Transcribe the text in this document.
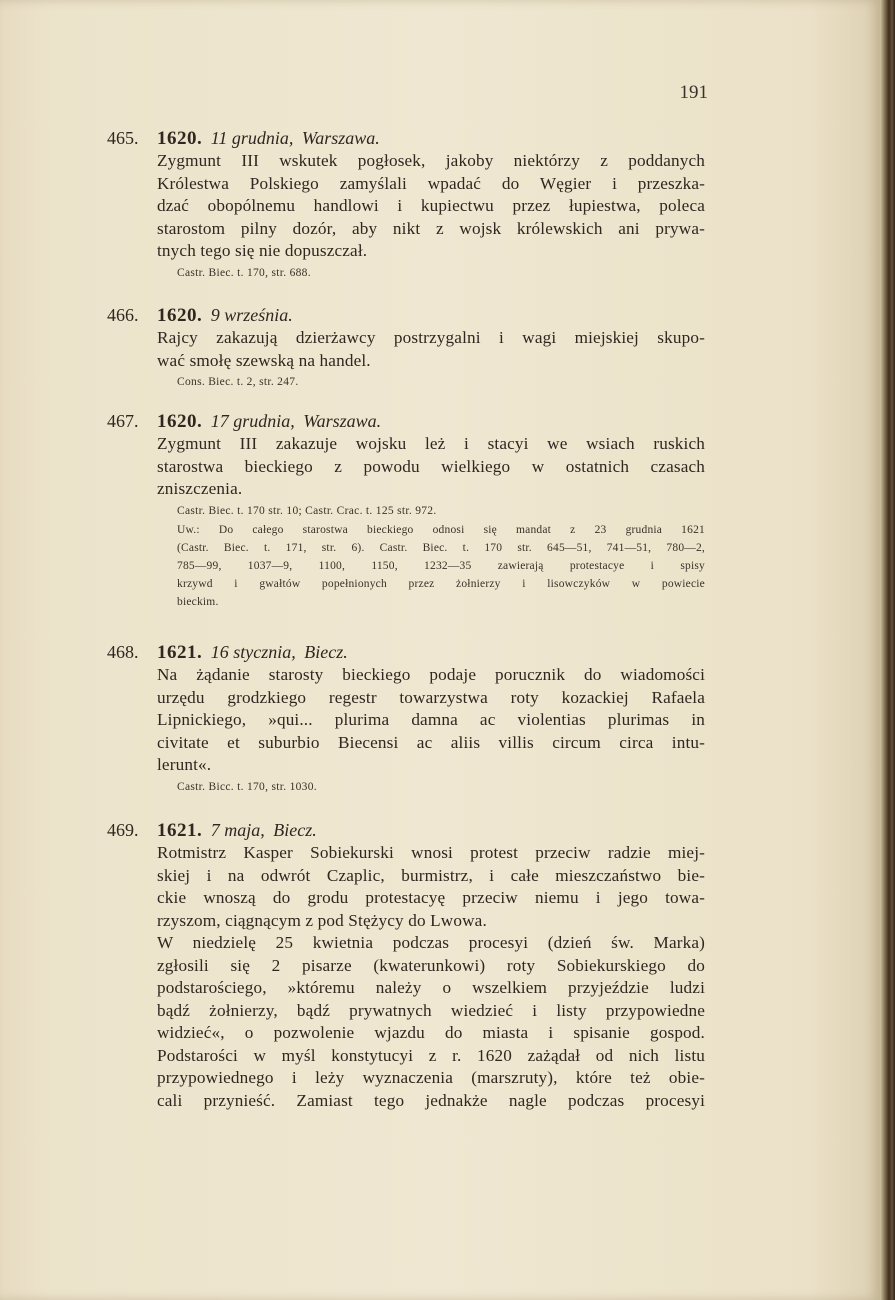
191
465. 1620. 11 grudnia, Warszawa.
Zygmunt III wskutek pogłosek, jakoby niektórzy z poddanych
Królestwa Polskiego zamyślali wpadać do Węgier i przeszka-
dzać obopólnemu handlowi i kupiectwu przez łupiestwa, poleca
starostom pilny dozór, aby nikt z wojsk królewskich ani prywa-
tnych tego się nie dopuszczał.
Castr. Biec. t. 170, str. 688.
466. 1620. 9 września.
Rajcy zakazują dzierżawcy postrzygalni i wagi miejskiej skupo-
wać smołę szewską na handel.
Cons. Biec. t. 2, str. 247.
467. 1620. 17 grudnia, Warszawa.
Zygmunt III zakazuje wojsku leż i stacyi we wsiach ruskich
starostwa bieckiego z powodu wielkiego w ostatnich czasach
zniszczenia.
Castr. Biec. t. 170 str. 10; Castr. Crac. t. 125 str. 972.
Uw.: Do całego starostwa bieckiego odnosi się mandat z 23 grudnia 1621
(Castr. Biec. t. 171, str. 6). Castr. Biec. t. 170 str. 645—51, 741—51, 780—2,
785—99, 1037—9, 1100, 1150, 1232—35 zawierają protestacye i spisy
krzywd i gwałtów popełnionych przez żołnierzy i lisowczyków w powiecie
bieckim.
468. 1621. 16 stycznia, Biecz.
Na żądanie starosty bieckiego podaje porucznik do wiadomości
urzędu grodzkiego regestr towarzystwa roty kozackiej Rafaela
Lipnickiego, »qui... plurima damna ac violentias plurimas in
civitate et suburbio Biecensi ac aliis villis circum circa intu-
lerunt«.
Castr. Bicc. t. 170, str. 1030.
469. 1621. 7 maja, Biecz.
Rotmistrz Kasper Sobiekurski wnosi protest przeciw radzie miej-
skiej i na odwrót Czaplic, burmistrz, i całe mieszczaństwo bie-
ckie wnoszą do grodu protestacyę przeciw niemu i jego towa-
rzyszom, ciągnącym z pod Stężycy do Lwowa.
W niedzielę 25 kwietnia podczas procesyi (dzień św. Marka)
zgłosili się 2 pisarze (kwaterunkowi) roty Sobiekurskiego do
podstarościego, »któremu należy o wszelkiem przyjeździe ludzi
bądź żołnierzy, bądź prywatnych wiedzieć i listy przypowiedne
widzieć«, o pozwolenie wjazdu do miasta i spisanie gospod.
Podstarości w myśl konstytucyi z r. 1620 zażądał od nich listu
przypowiednego i leży wyznaczenia (marszruty), które też obie-
cali przynieść. Zamiast tego jednakże nagle podczas procesyi
